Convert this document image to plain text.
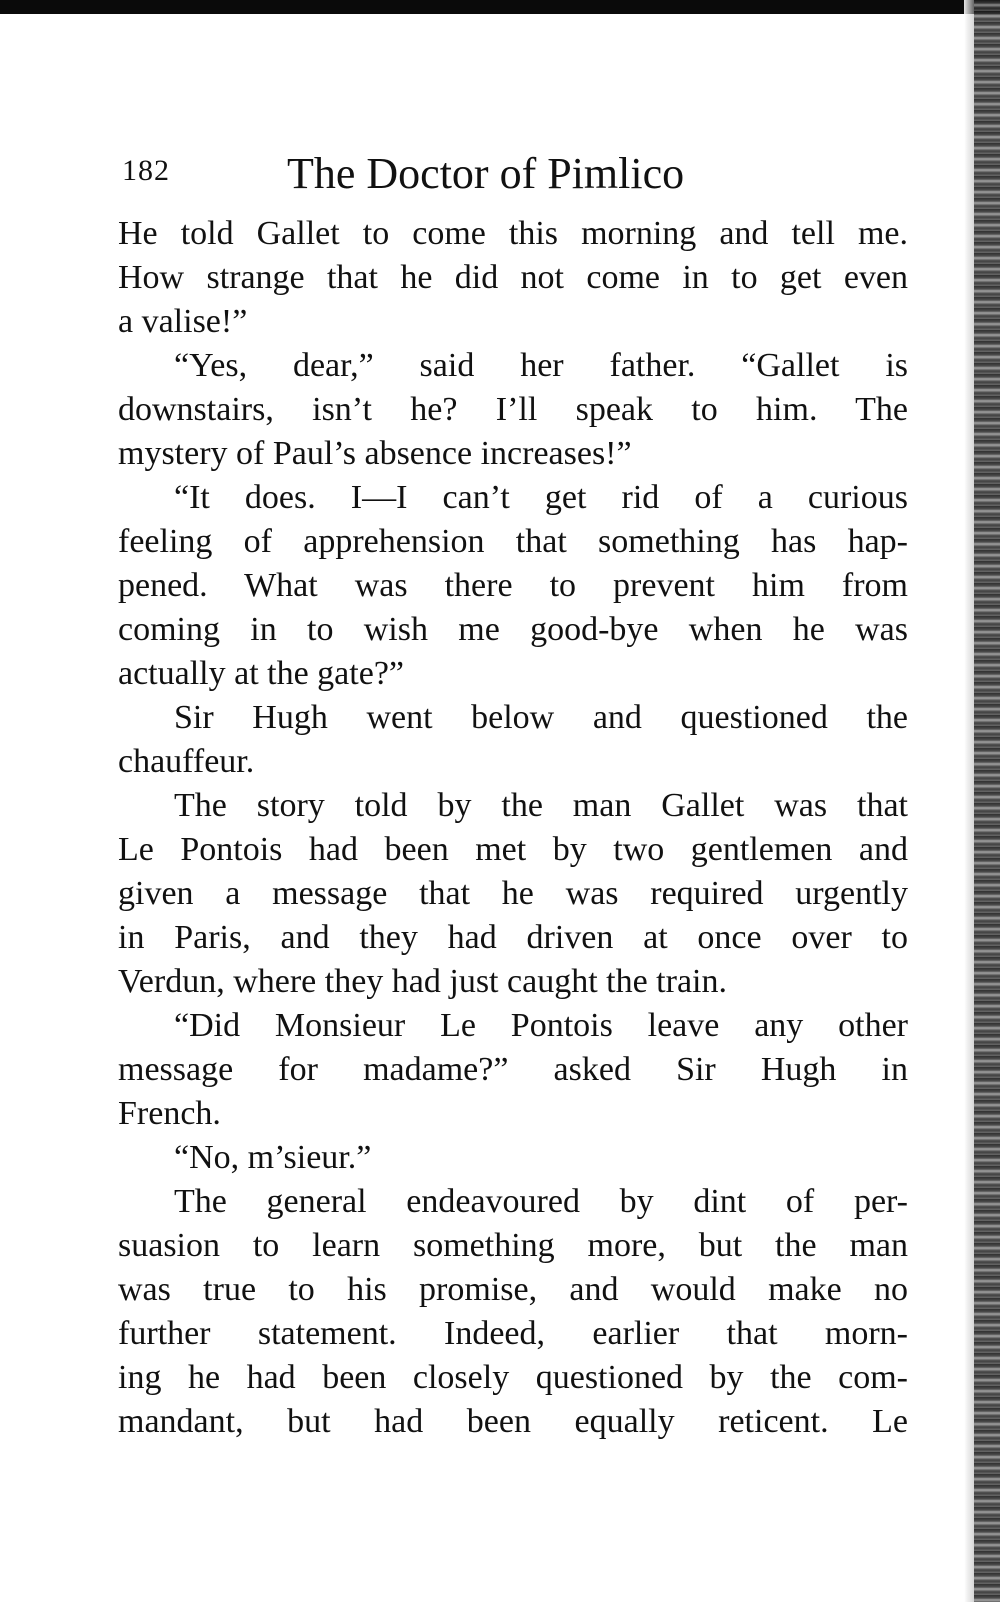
182	The Doctor of Pimlico
He told Gallet to come this morning and tell me.
How strange that he did not come in to get even
a valise!”
“Yes, dear,” said her father. “Gallet is
downstairs, isn’t he? I’ll speak to him. The
mystery of Paul’s absence increases!”
“It does. I—I can’t get rid of a curious
feeling of apprehension that something has hap-
pened. What was there to prevent him from
coming in to wish me good-bye when he was
actually at the gate?”
Sir Hugh went below and questioned the
chauffeur.
The story told by the man Gallet was that
Le Pontois had been met by two gentlemen and
given a message that he was required urgently
in Paris, and they had driven at once over to
Verdun, where they had just caught the train.
“Did Monsieur Le Pontois leave any other
message for madame?” asked Sir Hugh in
French.
“No, m’sieur.”
The general endeavoured by dint of per-
suasion to learn something more, but the man
was true to his promise, and would make no
further statement. Indeed, earlier that morn-
ing he had been closely questioned by the com-
mandant, but had been equally reticent. Le
